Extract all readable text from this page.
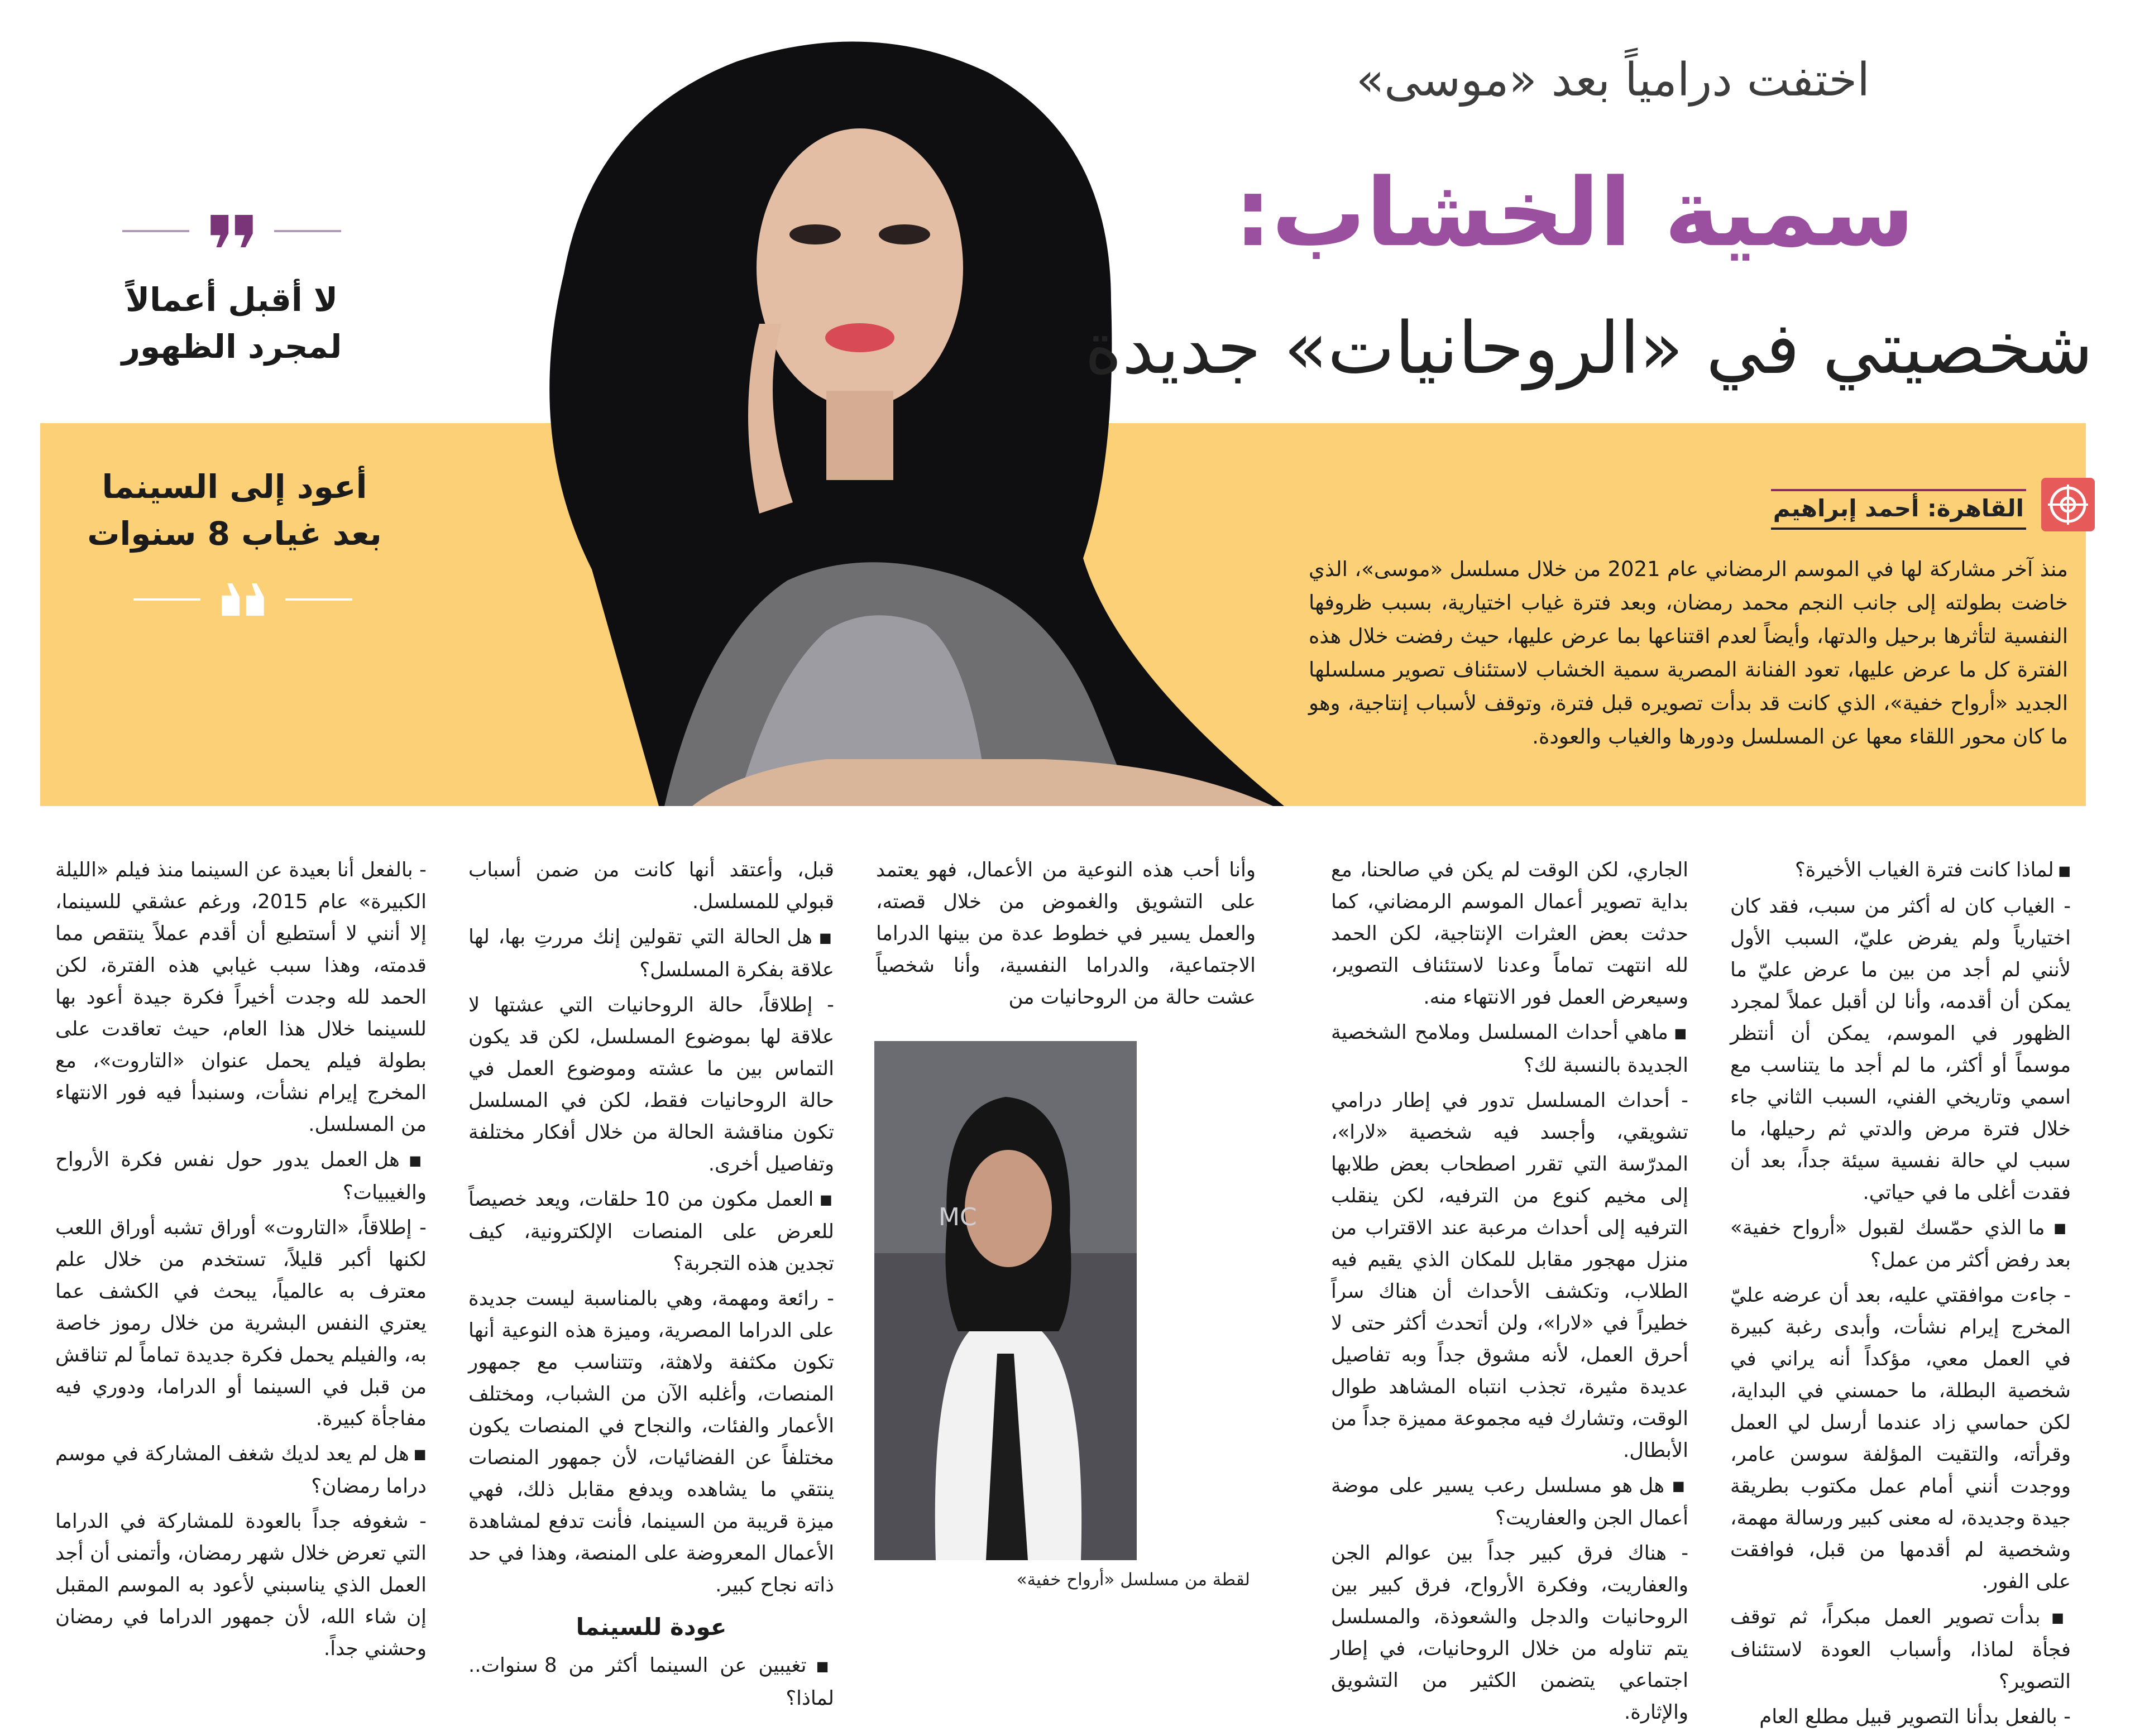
MC
اختفت درامياً بعد «موسى»
سمية الخشاب:
شخصيتي في «الروحانيات» جديدة
لا أقبل أعمالاً
لمجرد الظهور
أعود إلى السينما
بعد غياب 8 سنوات
القاهرة: أحمد إبراهيم
منذ آخر مشاركة لها في الموسم الرمضاني عام 2021 من خلال مسلسل «موسى»، الذي خاضت بطولته إلى جانب النجم محمد رمضان، وبعد فترة غياب اختيارية، بسبب ظروفها النفسية لتأثرها برحيل والدتها، وأيضاً لعدم اقتناعها بما عرض عليها، حيث رفضت خلال هذه الفترة كل ما عرض عليها، تعود الفنانة المصرية سمية الخشاب لاستئناف تصوير مسلسلها الجديد «أرواح خفية»، الذي كانت قد بدأت تصويره قبل فترة، وتوقف لأسباب إنتاجية، وهو ما كان محور اللقاء معها عن المسلسل ودورها والغياب والعودة.

■ لماذا كانت فترة الغياب الأخيرة؟

- الغياب كان له أكثر من سبب، فقد كان اختيارياً ولم يفرض عليّ، السبب الأول لأنني لم أجد من بين ما عرض عليّ ما يمكن أن أقدمه، وأنا لن أقبل عملاً لمجرد الظهور في الموسم، يمكن أن أنتظر موسماً أو أكثر، ما لم أجد ما يتناسب مع اسمي وتاريخي الفني، السبب الثاني جاء خلال فترة مرض والدتي ثم رحيلها، ما سبب لي حالة نفسية سيئة جداً، بعد أن فقدت أغلى ما في حياتي.

■ ما الذي حمّسك لقبول «أرواح خفية» بعد رفض أكثر من عمل؟

- جاءت موافقتي عليه، بعد أن عرضه عليّ المخرج إيرام نشأت، وأبدى رغبة كبيرة في العمل معي، مؤكداً أنه يراني في شخصية البطلة، ما حمسني في البداية، لكن حماسي زاد عندما أرسل لي العمل وقرأته، والتقيت المؤلفة سوسن عامر، ووجدت أنني أمام عمل مكتوب بطريقة جيدة وجديدة، له معنى كبير ورسالة مهمة، وشخصية لم أقدمها من قبل، فوافقت على الفور.

■ بدأت تصوير العمل مبكراً، ثم توقف فجأة لماذا، وأسباب العودة لاستئناف التصوير؟

- بالفعل بدأنا التصوير قبيل مطلع العام

الجاري، لكن الوقت لم يكن في صالحنا، مع بداية تصوير أعمال الموسم الرمضاني، كما حدثت بعض العثرات الإنتاجية، لكن الحمد لله انتهت تماماً وعدنا لاستئناف التصوير، وسيعرض العمل فور الانتهاء منه.

■ ماهي أحداث المسلسل وملامح الشخصية الجديدة بالنسبة لك؟

- أحداث المسلسل تدور في إطار درامي تشويقي، وأجسد فيه شخصية «لارا»، المدرّسة التي تقرر اصطحاب بعض طلابها إلى مخيم كنوع من الترفيه، لكن ينقلب الترفيه إلى أحداث مرعبة عند الاقتراب من منزل مهجور مقابل للمكان الذي يقيم فيه الطلاب، وتكشف الأحداث أن هناك سراً خطيراً في «لارا»، ولن أتحدث أكثر حتى لا أحرق العمل، لأنه مشوق جداً وبه تفاصيل عديدة مثيرة، تجذب انتباه المشاهد طوال الوقت، وتشارك فيه مجموعة مميزة جداً من الأبطال.

■ هل هو مسلسل رعب يسير على موضة أعمال الجن والعفاريت؟

- هناك فرق كبير جداً بين عوالم الجن والعفاريت، وفكرة الأرواح، فرق كبير بين الروحانيات والدجل والشعوذة، والمسلسل يتم تناوله من خلال الروحانيات، في إطار اجتماعي يتضمن الكثير من التشويق والإثارة.

وأنا أحب هذه النوعية من الأعمال، فهو يعتمد على التشويق والغموض من خلال قصته، والعمل يسير في خطوط عدة من بينها الدراما الاجتماعية، والدراما النفسية، وأنا شخصياً عشت حالة من الروحانيات من

قبل، وأعتقد أنها كانت من ضمن أسباب قبولي للمسلسل.

■ هل الحالة التي تقولين إنك مررتِ بها، لها علاقة بفكرة المسلسل؟

- إطلاقاً، حالة الروحانيات التي عشتها لا علاقة لها بموضوع المسلسل، لكن قد يكون التماس بين ما عشته وموضوع العمل في حالة الروحانيات فقط، لكن في المسلسل تكون مناقشة الحالة من خلال أفكار مختلفة وتفاصيل أخرى.

■ العمل مكون من 10 حلقات، ويعد خصيصاً للعرض على المنصات الإلكترونية، كيف تجدين هذه التجربة؟

- رائعة ومهمة، وهي بالمناسبة ليست جديدة على الدراما المصرية، وميزة هذه النوعية أنها تكون مكثفة ولاهثة، وتتناسب مع جمهور المنصات، وأغلبه الآن من الشباب، ومختلف الأعمار والفئات، والنجاح في المنصات يكون مختلفاً عن الفضائيات، لأن جمهور المنصات ينتقي ما يشاهده ويدفع مقابل ذلك، فهي ميزة قريبة من السينما، فأنت تدفع لمشاهدة الأعمال المعروضة على المنصة، وهذا في حد ذاته نجاح كبير.

عودة للسينما

■ تغيبين عن السينما أكثر من 8 سنوات.. لماذا؟

- بالفعل أنا بعيدة عن السينما منذ فيلم «الليلة الكبيرة» عام 2015، ورغم عشقي للسينما، إلا أنني لا أستطيع أن أقدم عملاً ينتقص مما قدمته، وهذا سبب غيابي هذه الفترة، لكن الحمد لله وجدت أخيراً فكرة جيدة أعود بها للسينما خلال هذا العام، حيث تعاقدت على بطولة فيلم يحمل عنوان «التاروت»، مع المخرج إيرام نشأت، وسنبدأ فيه فور الانتهاء من المسلسل.

■ هل العمل يدور حول نفس فكرة الأرواح والغيبيات؟

- إطلاقاً، «التاروت» أوراق تشبه أوراق اللعب لكنها أكبر قليلاً، تستخدم من خلال علم معترف به عالمياً، يبحث في الكشف عما يعتري النفس البشرية من خلال رموز خاصة به، والفيلم يحمل فكرة جديدة تماماً لم تناقش من قبل في السينما أو الدراما، ودوري فيه مفاجأة كبيرة.

■ هل لم يعد لديك شغف المشاركة في موسم دراما رمضان؟

- شغوفه جداً بالعودة للمشاركة في الدراما التي تعرض خلال شهر رمضان، وأتمنى أن أجد العمل الذي يناسبني لأعود به الموسم المقبل إن شاء الله، لأن جمهور الدراما في رمضان وحشني جداً.

لقطة من مسلسل «أرواح خفية»
